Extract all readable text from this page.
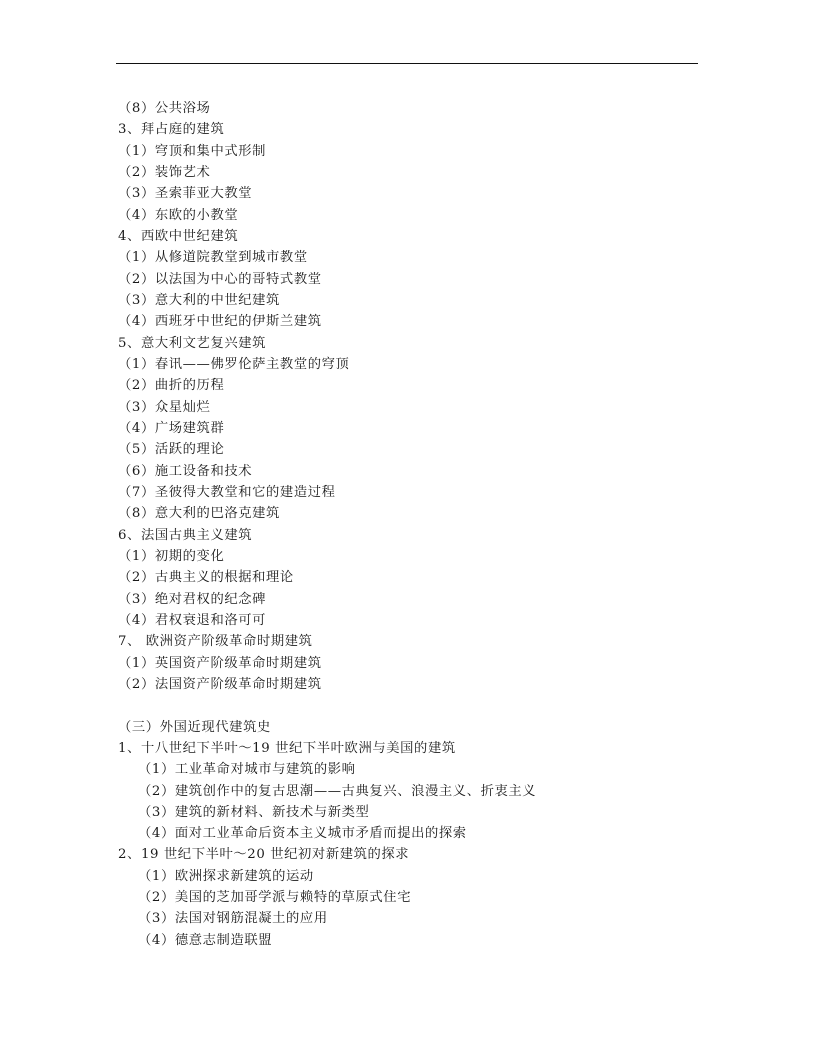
（8）公共浴场
3、拜占庭的建筑
（1）穹顶和集中式形制
（2）装饰艺术
（3）圣索菲亚大教堂
（4）东欧的小教堂
4、西欧中世纪建筑
（1）从修道院教堂到城市教堂
（2）以法国为中心的哥特式教堂
（3）意大利的中世纪建筑
（4）西班牙中世纪的伊斯兰建筑
5、意大利文艺复兴建筑
（1）春讯——佛罗伦萨主教堂的穹顶
（2）曲折的历程
（3）众星灿烂
（4）广场建筑群
（5）活跃的理论
（6）施工设备和技术
（7）圣彼得大教堂和它的建造过程
（8）意大利的巴洛克建筑
6、法国古典主义建筑
（1）初期的变化
（2）古典主义的根据和理论
（3）绝对君权的纪念碑
（4）君权衰退和洛可可
7、 欧洲资产阶级革命时期建筑
（1）英国资产阶级革命时期建筑
（2）法国资产阶级革命时期建筑
（三）外国近现代建筑史
1、十八世纪下半叶～19 世纪下半叶欧洲与美国的建筑
（1）工业革命对城市与建筑的影响
（2）建筑创作中的复古思潮——古典复兴、浪漫主义、折衷主义
（3）建筑的新材料、新技术与新类型
（4）面对工业革命后资本主义城市矛盾而提出的探索
2、19 世纪下半叶～20 世纪初对新建筑的探求
（1）欧洲探求新建筑的运动
（2）美国的芝加哥学派与赖特的草原式住宅
（3）法国对钢筋混凝土的应用
（4）德意志制造联盟
